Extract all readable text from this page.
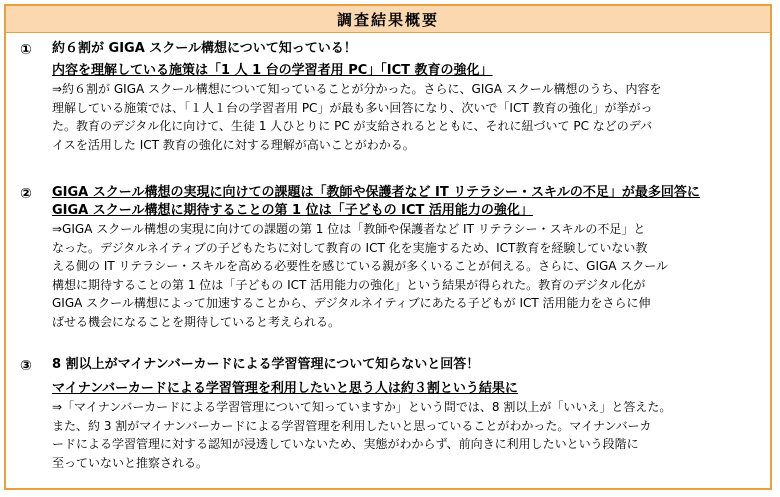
調査結果概要
① 約６割が GIGA スクール構想について知っている！
内容を理解している施策は「1 人 1 台の学習者用 PC」「ICT 教育の強化」

⇒約６割が GIGA スクール構想について知っていることが分かった。さらに、GIGA スクール構想のうち、内容を

理解している施策では、「１人１台の学習者用 PC」が最も多い回答になり、次いで「ICT 教育の強化」が挙がっ

た。教育のデジタル化に向けて、生徒 1 人ひとりに PC が支給されるとともに、それに紐づいて PC などのデバ

イスを活用した ICT 教育の強化に対する理解が高いことがわかる。

② GIGA スクール構想の実現に向けての課題は「教師や保護者など IT リテラシー・スキルの不足」が最多回答に
GIGA スクール構想に期待することの第 1 位は「子どもの ICT 活用能力の強化」

⇒GIGA スクール構想の実現に向けての課題の第 1 位は「教師や保護者など IT リテラシー・スキルの不足」と

なった。デジタルネイティブの子どもたちに対して教育の ICT 化を実施するため、ICT教育を経験していない教

える側の IT リテラシー・スキルを高める必要性を感じている親が多くいることが伺える。さらに、GIGA スクール

構想に期待することの第 1 位は「子どもの ICT 活用能力の強化」という結果が得られた。教育のデジタル化が

GIGA スクール構想によって加速することから、デジタルネイティブにあたる子どもが ICT 活用能力をさらに伸

ばせる機会になることを期待していると考えられる。

③ 8 割以上がマイナンバーカードによる学習管理について知らないと回答！
マイナンバーカードによる学習管理を利用したいと思う人は約３割という結果に

⇒「マイナンバーカードによる学習管理について知っていますか」という問では、8 割以上が「いいえ」と答えた。

また、約 3 割がマイナンバーカードによる学習管理を利用したいと思っていることがわかった。マイナンバーカ

ードによる学習管理に対する認知が浸透していないため、実態がわからず、前向きに利用したいという段階に

至っていないと推察される。
